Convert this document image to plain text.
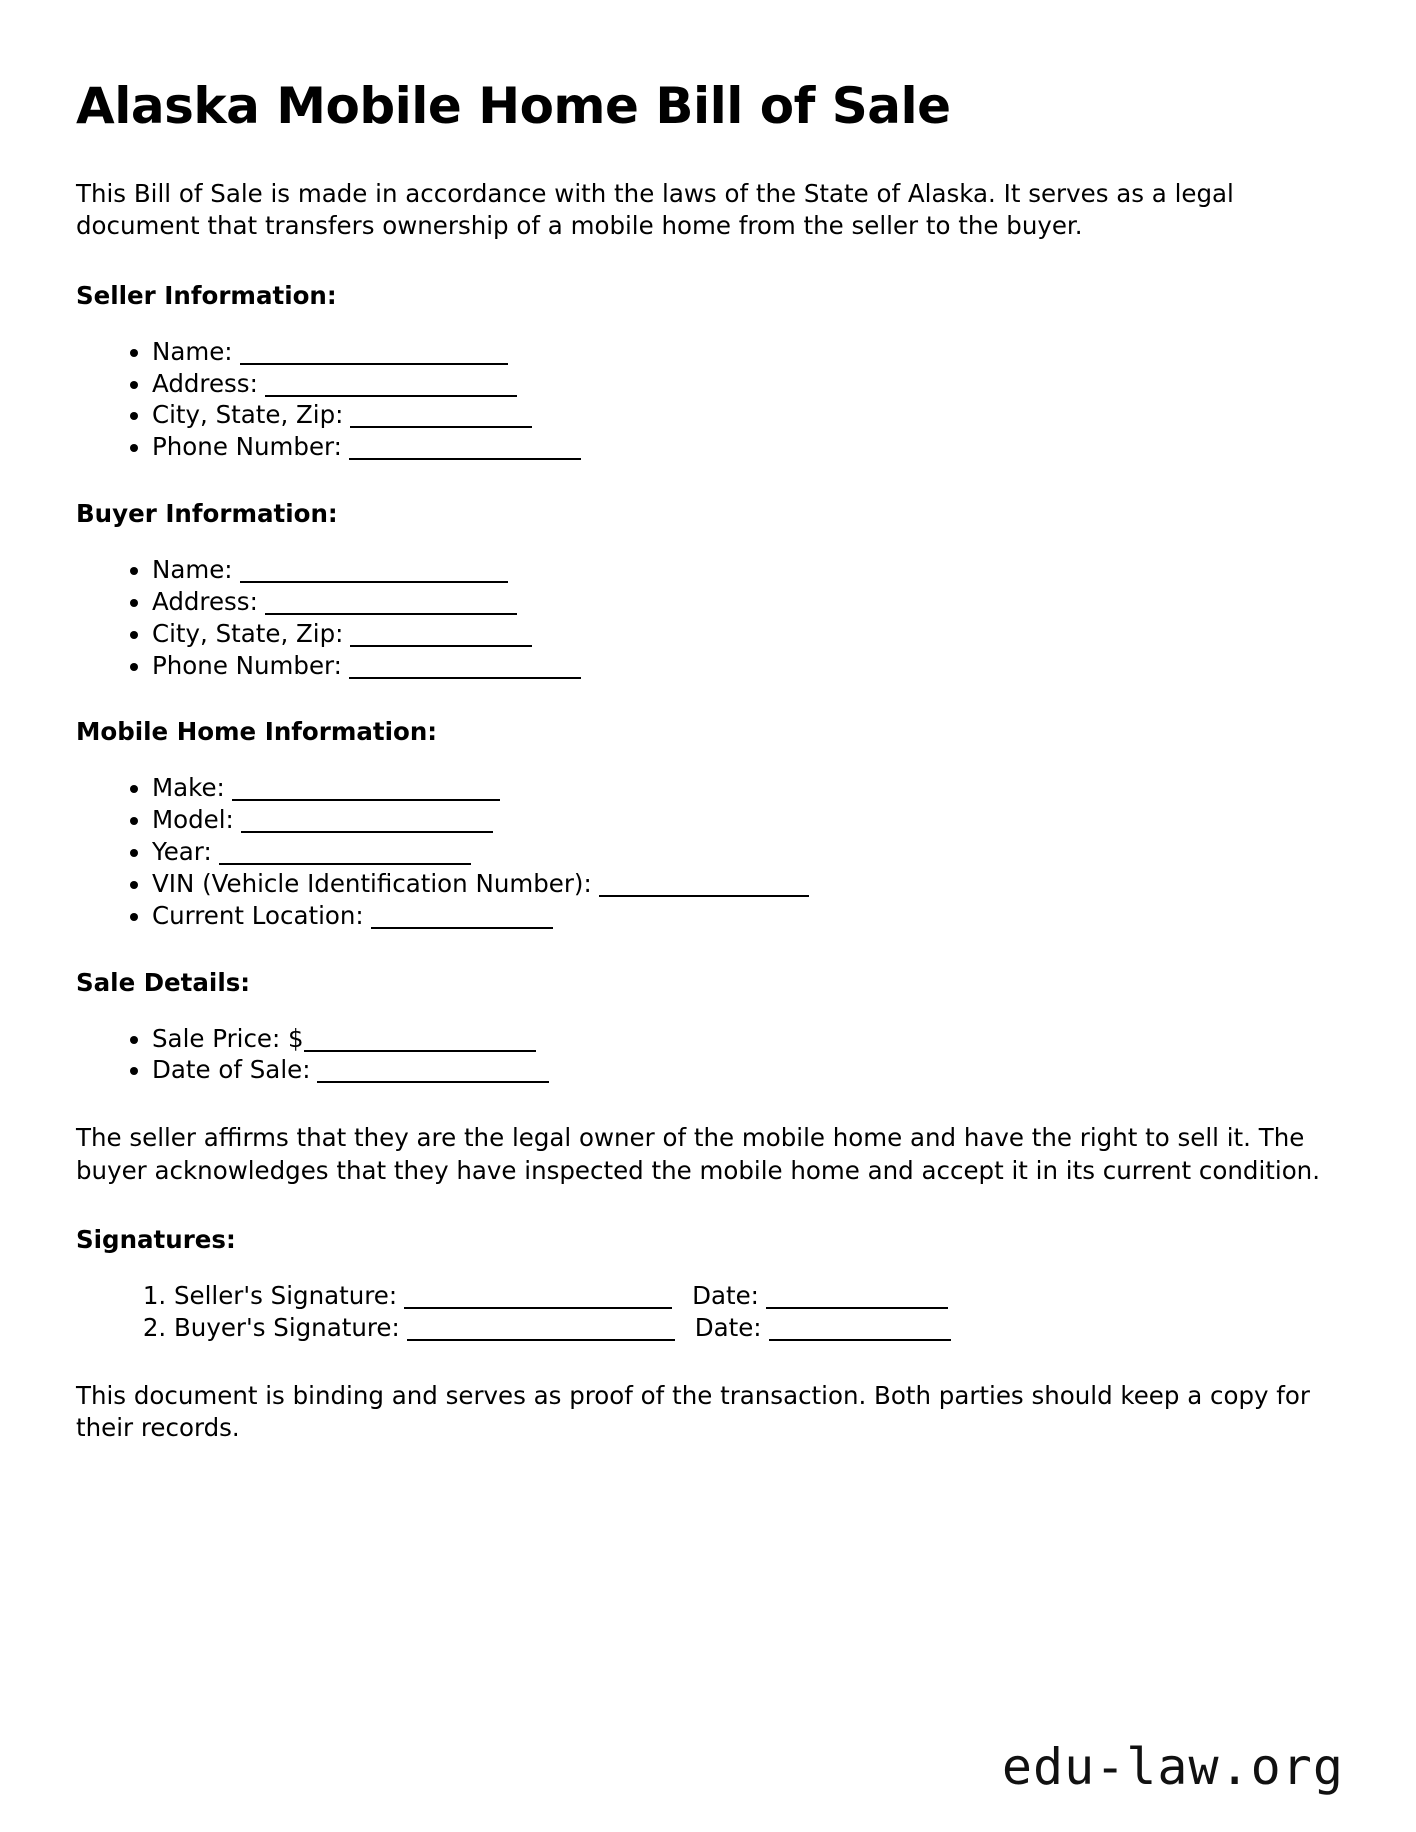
Alaska Mobile Home Bill of Sale

This Bill of Sale is made in accordance with the laws of the State of Alaska. It serves as a legal document that transfers ownership of a mobile home from the seller to the buyer.

Seller Information:
• Name:
• Address:
• City, State, Zip:
• Phone Number:
Buyer Information:
• Name:
• Address:
• City, State, Zip:
• Phone Number:
Mobile Home Information:
• Make:
• Model:
• Year:
• VIN (Vehicle Identification Number):
• Current Location:
Sale Details:
• Sale Price: $
• Date of Sale:

The seller affirms that they are the legal owner of the mobile home and have the right to sell it. The buyer acknowledges that they have inspected the mobile home and accept it in its current condition.

Signatures:
1. Seller's Signature:	Date:
2. Buyer's Signature:	Date:

This document is binding and serves as proof of the transaction. Both parties should keep a copy for their records.

edu-law.org
